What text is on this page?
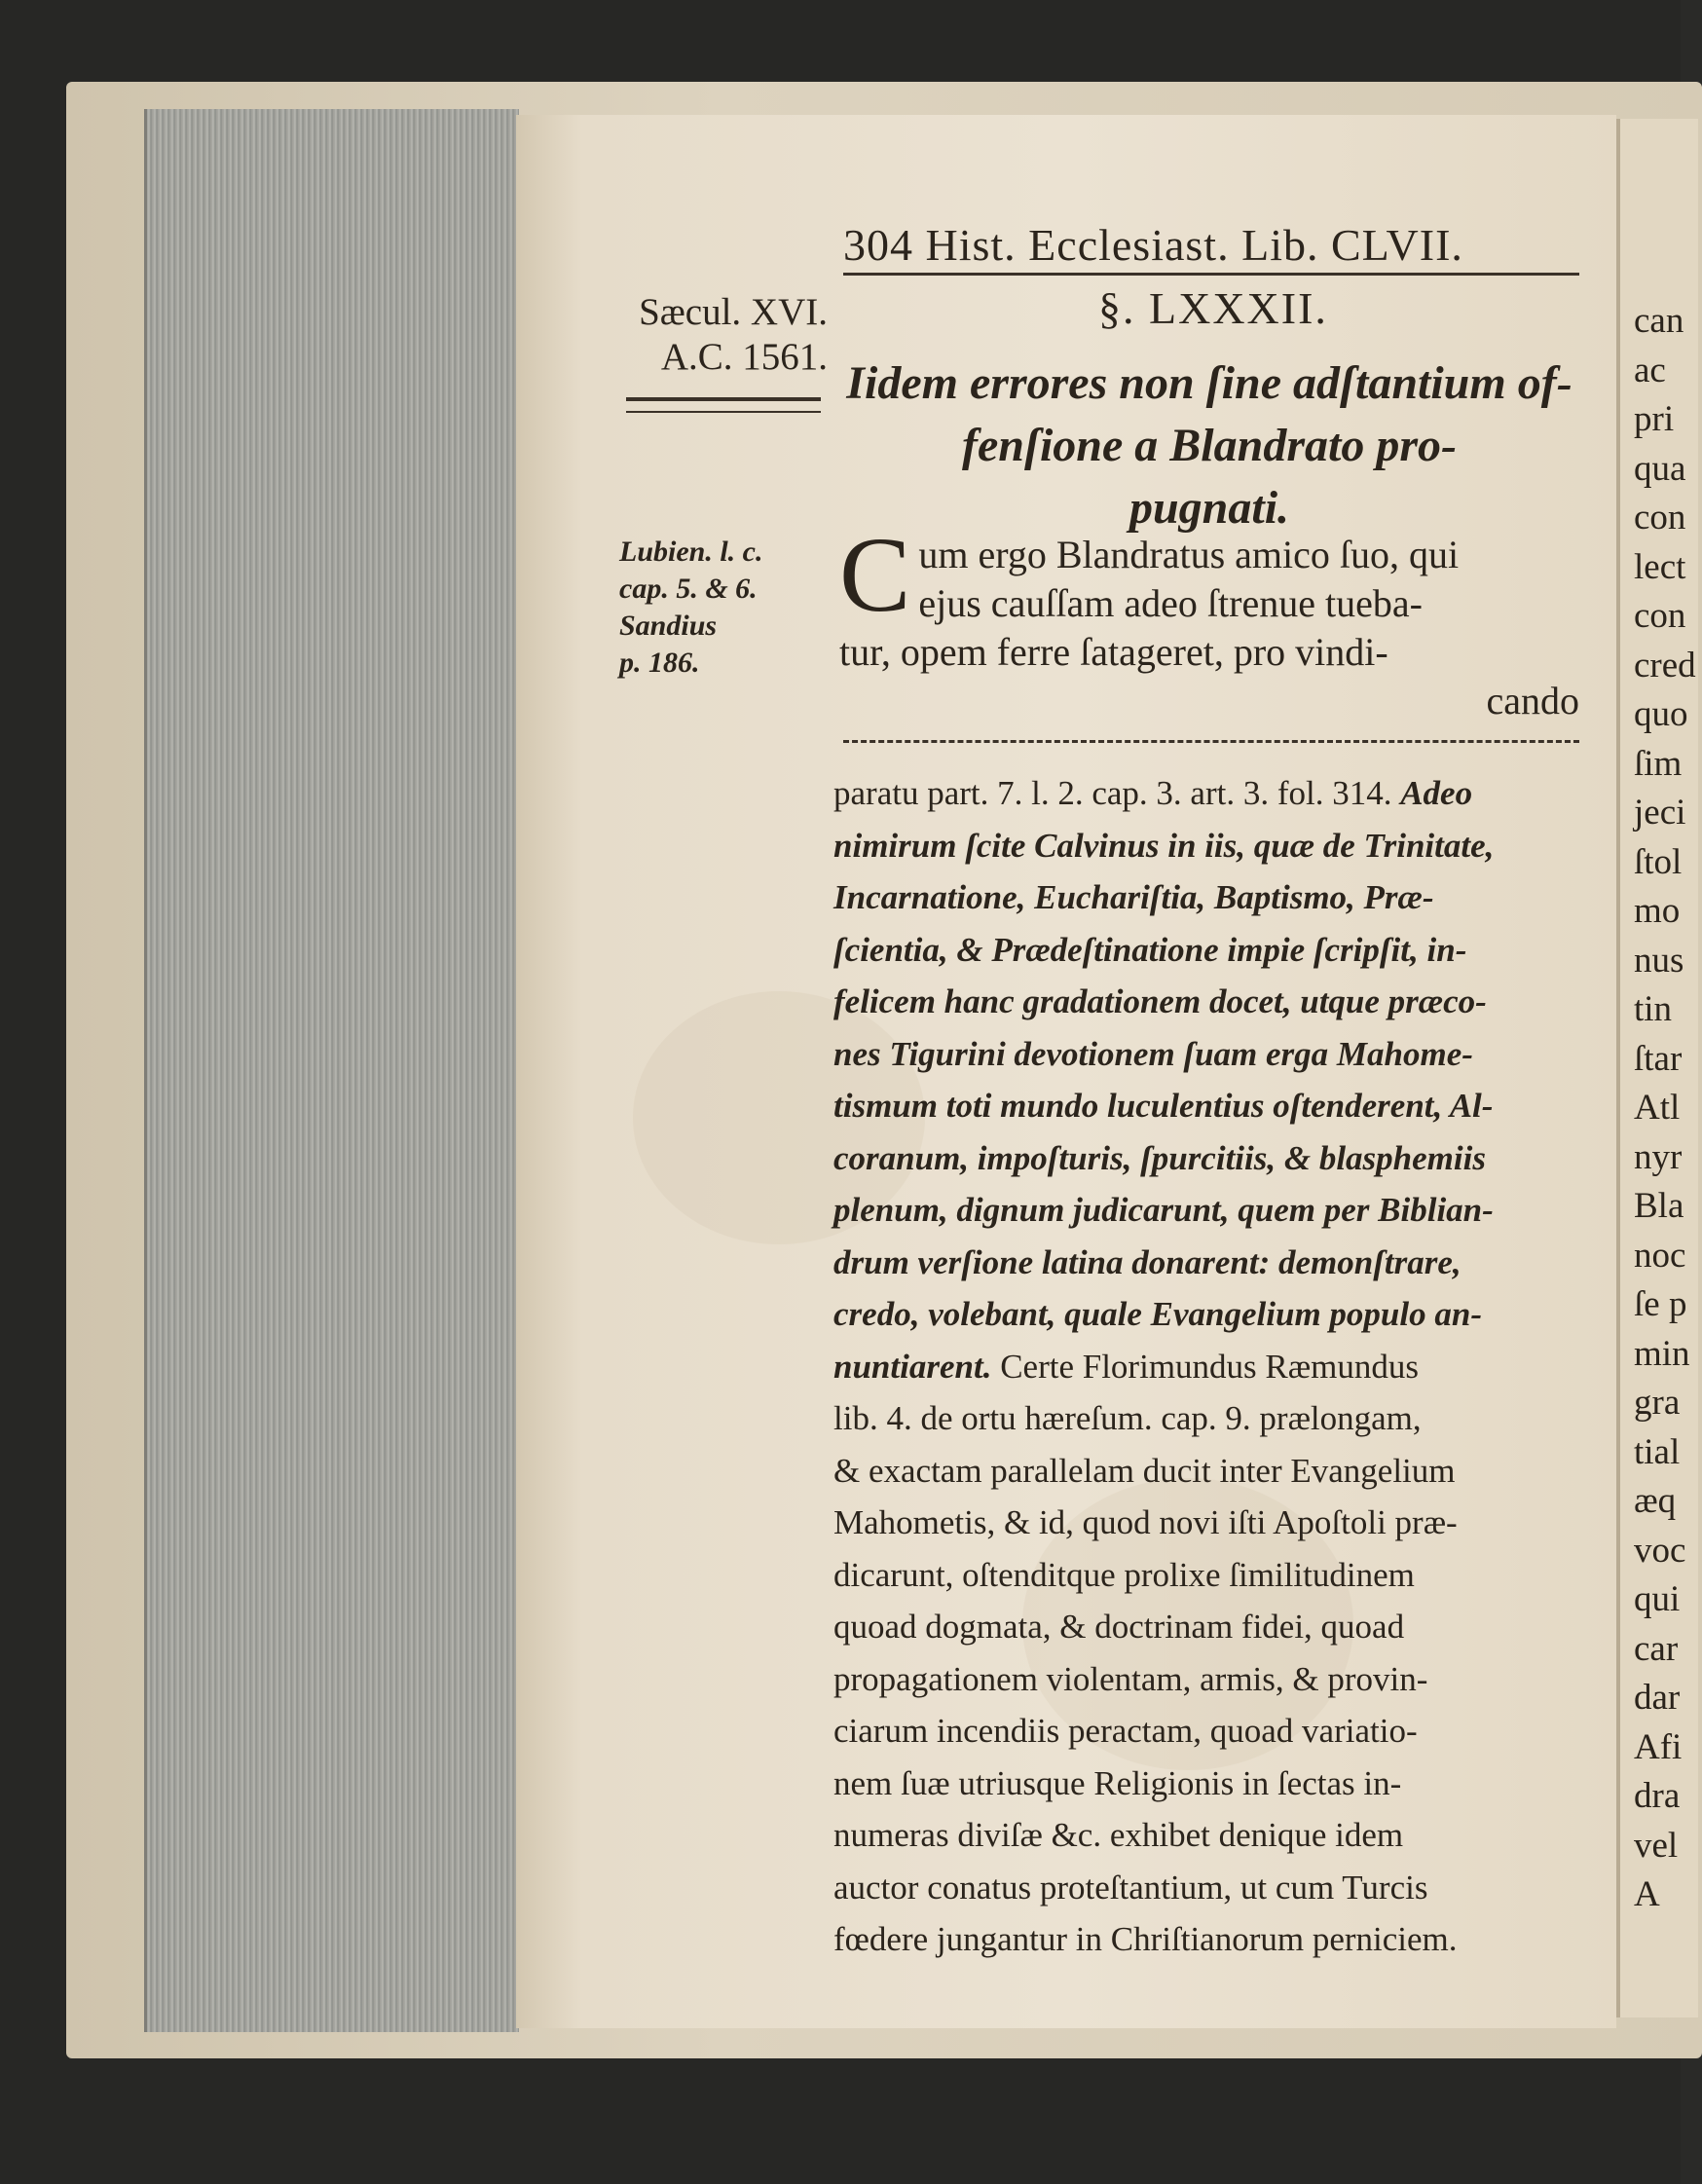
can
ac
pri
qua
con
lect
con
cred
quo
ſim
jeci
ſtol
mo
nus
tin
ſtar
Atl
nyr
Bla
noc
ſe p
min
gra
tial
æq
voc
qui
car
dar
Afi
dra
vel
A
304 Hist. Ecclesiast. Lib. CLVII.
Sæcul. XVI.
A.C. 1561.
§. LXXXII.
Iidem errores non ſine adſtantium of-
fenſione a Blandrato pro-
pugnati.
Lubien. l. c.
cap. 5. & 6.
Sandius
p. 186.
C um ergo Blandratus amico ſuo, qui
ejus cauſſam adeo ſtrenue tueba-
tur, opem ferre ſatageret, pro vindi-
cando
paratu part. 7. l. 2. cap. 3. art. 3. fol. 314. Adeo
nimirum ſcite Calvinus in iis, quæ de Trinitate,
Incarnatione, Euchariſtia, Baptismo, Præ-
ſcientia, & Prædeſtinatione impie ſcripſit, in-
felicem hanc gradationem docet, utque præco-
nes Tigurini devotionem ſuam erga Mahome-
tismum toti mundo luculentius oſtenderent, Al-
coranum, impoſturis, ſpurcitiis, & blasphemiis
plenum, dignum judicarunt, quem per Biblian-
drum verſione latina donarent: demonſtrare,
credo, volebant, quale Evangelium populo an-
nuntiarent. Certe Florimundus Ræmundus
lib. 4. de ortu hæreſum. cap. 9. prælongam,
& exactam parallelam ducit inter Evangelium
Mahometis, & id, quod novi iſti Apoſtoli præ-
dicarunt, oſtenditque prolixe ſimilitudinem
quoad dogmata, & doctrinam fidei, quoad
propagationem violentam, armis, & provin-
ciarum incendiis peractam, quoad variatio-
nem ſuæ utriusque Religionis in ſectas in-
numeras diviſæ &c. exhibet denique idem
auctor conatus proteſtantium, ut cum Turcis
fœdere jungantur in Chriſtianorum perniciem.
